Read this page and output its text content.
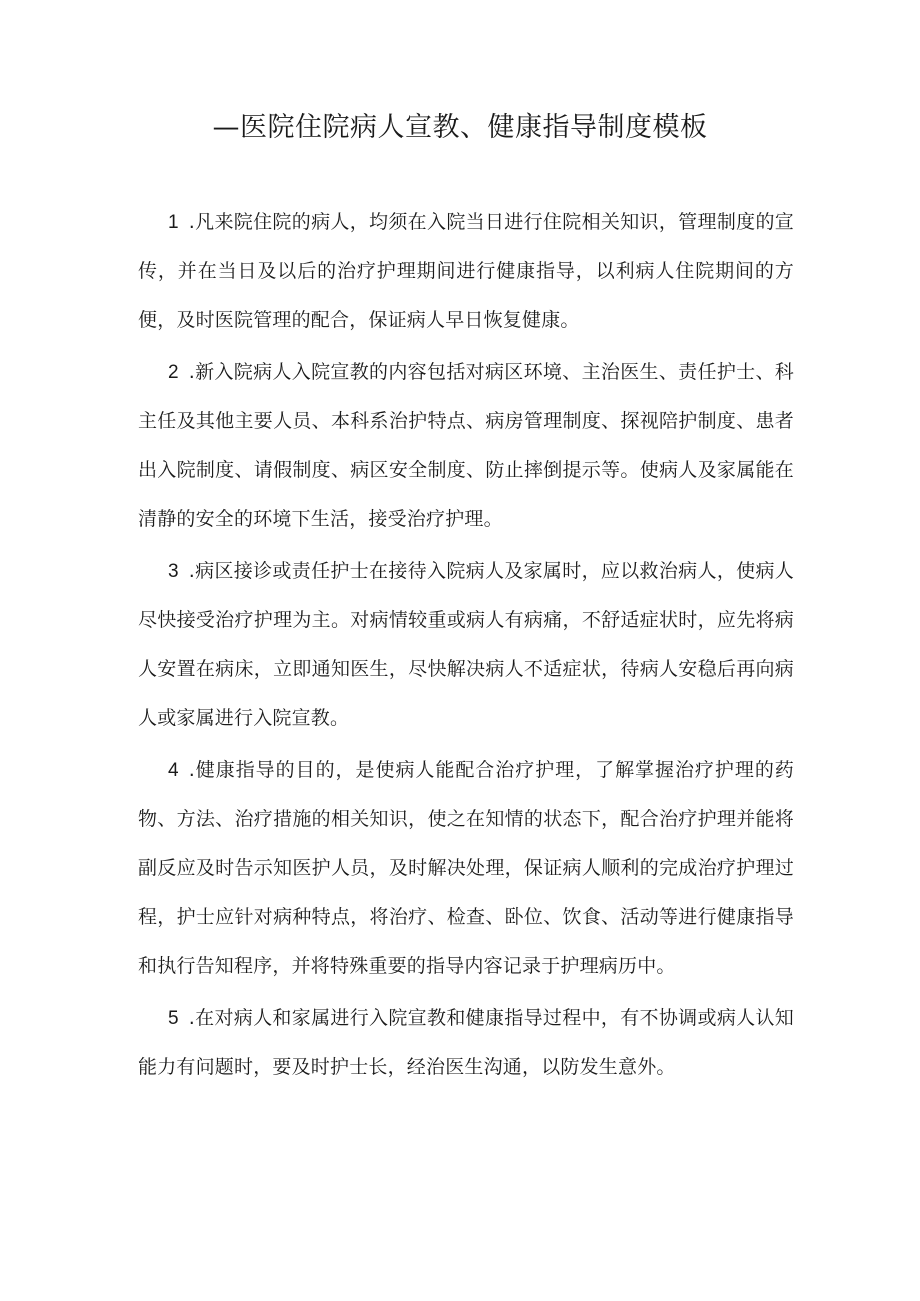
—医院住院病人宣教、健康指导制度模板

1 .凡来院住院的病人，均须在入院当日进行住院相关知识，管理制度的宣传，并在当日及以后的治疗护理期间进行健康指导，以利病人住院期间的方便，及时医院管理的配合，保证病人早日恢复健康。

2 .新入院病人入院宣教的内容包括对病区环境、主治医生、责任护士、科主任及其他主要人员、本科系治护特点、病房管理制度、探视陪护制度、患者出入院制度、请假制度、病区安全制度、防止摔倒提示等。使病人及家属能在清静的安全的环境下生活，接受治疗护理。

3 .病区接诊或责任护士在接待入院病人及家属时，应以救治病人，使病人尽快接受治疗护理为主。对病情较重或病人有病痛，不舒适症状时，应先将病人安置在病床，立即通知医生，尽快解决病人不适症状，待病人安稳后再向病人或家属进行入院宣教。

4 .健康指导的目的，是使病人能配合治疗护理，了解掌握治疗护理的药物、方法、治疗措施的相关知识，使之在知情的状态下，配合治疗护理并能将副反应及时告示知医护人员，及时解决处理，保证病人顺利的完成治疗护理过程，护士应针对病种特点，将治疗、检查、卧位、饮食、活动等进行健康指导和执行告知程序，并将特殊重要的指导内容记录于护理病历中。

5 .在对病人和家属进行入院宣教和健康指导过程中，有不协调或病人认知能力有问题时，要及时护士长，经治医生沟通，以防发生意外。
